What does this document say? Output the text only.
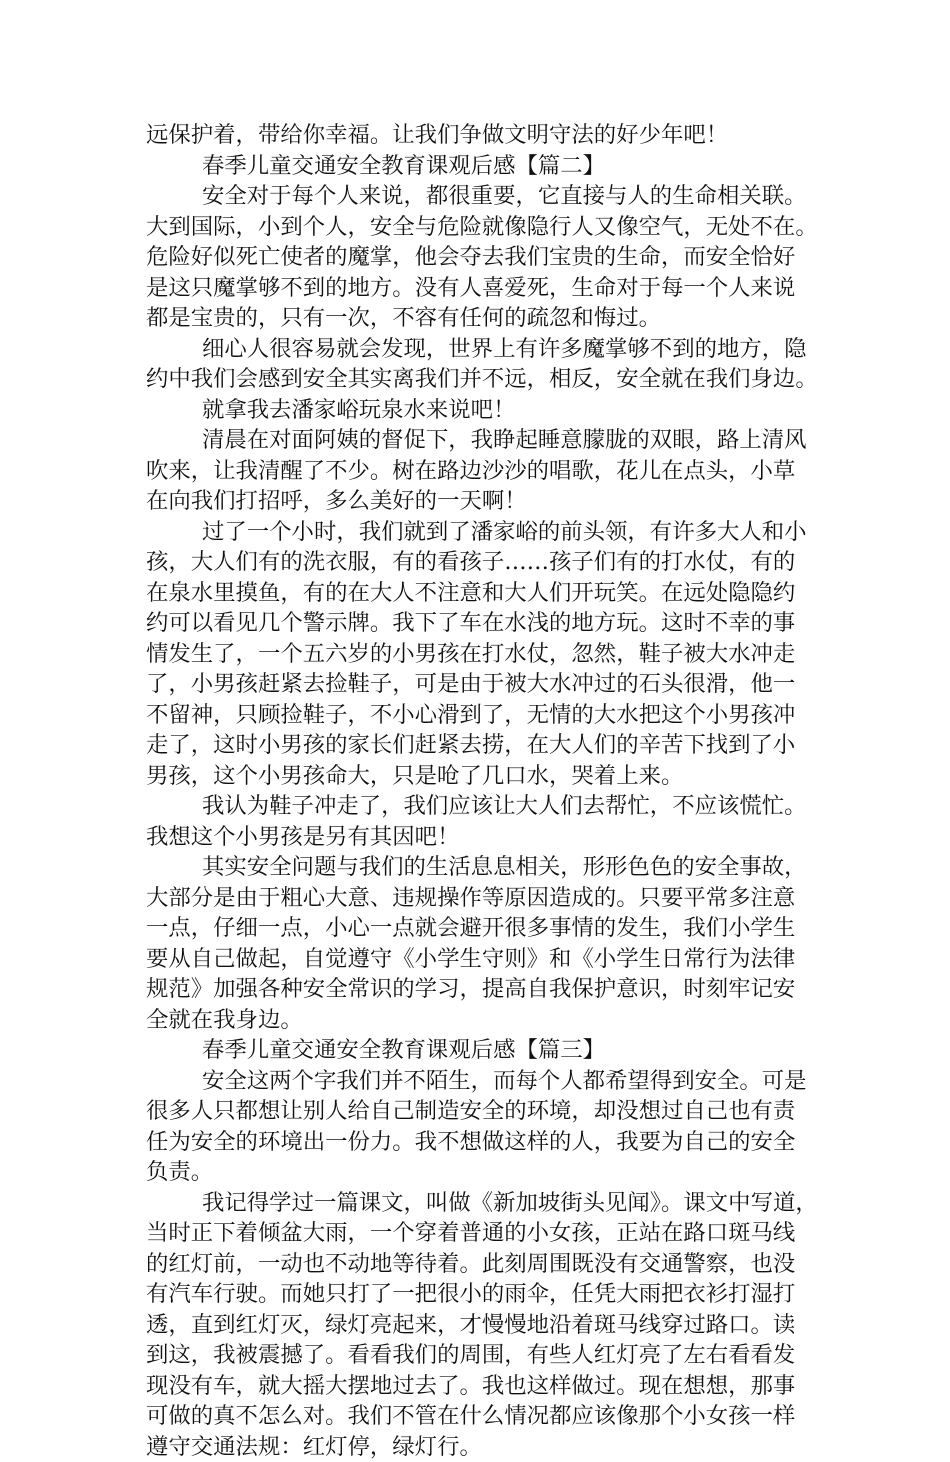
远保护着，带给你幸福。让我们争做文明守法的好少年吧！
春季儿童交通安全教育课观后感【篇二】
安全对于每个人来说，都很重要，它直接与人的生命相关联。
大到国际，小到个人，安全与危险就像隐行人又像空气，无处不在。
危险好似死亡使者的魔掌，他会夺去我们宝贵的生命，而安全恰好
是这只魔掌够不到的地方。没有人喜爱死，生命对于每一个人来说
都是宝贵的，只有一次，不容有任何的疏忽和悔过。
细心人很容易就会发现，世界上有许多魔掌够不到的地方，隐
约中我们会感到安全其实离我们并不远，相反，安全就在我们身边。
就拿我去潘家峪玩泉水来说吧！
清晨在对面阿姨的督促下，我睁起睡意朦胧的双眼，路上清风
吹来，让我清醒了不少。树在路边沙沙的唱歌，花儿在点头，小草
在向我们打招呼，多么美好的一天啊！
过了一个小时，我们就到了潘家峪的前头领，有许多大人和小
孩，大人们有的洗衣服，有的看孩子……孩子们有的打水仗，有的
在泉水里摸鱼，有的在大人不注意和大人们开玩笑。在远处隐隐约
约可以看见几个警示牌。我下了车在水浅的地方玩。这时不幸的事
情发生了，一个五六岁的小男孩在打水仗，忽然，鞋子被大水冲走
了，小男孩赶紧去捡鞋子，可是由于被大水冲过的石头很滑，他一
不留神，只顾捡鞋子，不小心滑到了，无情的大水把这个小男孩冲
走了，这时小男孩的家长们赶紧去捞，在大人们的辛苦下找到了小
男孩，这个小男孩命大，只是呛了几口水，哭着上来。
我认为鞋子冲走了，我们应该让大人们去帮忙，不应该慌忙。
我想这个小男孩是另有其因吧！
其实安全问题与我们的生活息息相关，形形色色的安全事故，
大部分是由于粗心大意、违规操作等原因造成的。只要平常多注意
一点，仔细一点，小心一点就会避开很多事情的发生，我们小学生
要从自己做起，自觉遵守《小学生守则》和《小学生日常行为法律
规范》加强各种安全常识的学习，提高自我保护意识，时刻牢记安
全就在我身边。
春季儿童交通安全教育课观后感【篇三】
安全这两个字我们并不陌生，而每个人都希望得到安全。可是
很多人只都想让别人给自己制造安全的环境，却没想过自己也有责
任为安全的环境出一份力。我不想做这样的人，我要为自己的安全
负责。
我记得学过一篇课文，叫做《新加坡街头见闻》。课文中写道，
当时正下着倾盆大雨，一个穿着普通的小女孩，正站在路口斑马线
的红灯前，一动也不动地等待着。此刻周围既没有交通警察，也没
有汽车行驶。而她只打了一把很小的雨伞，任凭大雨把衣衫打湿打
透，直到红灯灭，绿灯亮起来，才慢慢地沿着斑马线穿过路口。读
到这，我被震撼了。看看我们的周围，有些人红灯亮了左右看看发
现没有车，就大摇大摆地过去了。我也这样做过。现在想想，那事
可做的真不怎么对。我们不管在什么情况都应该像那个小女孩一样
遵守交通法规：红灯停，绿灯行。
